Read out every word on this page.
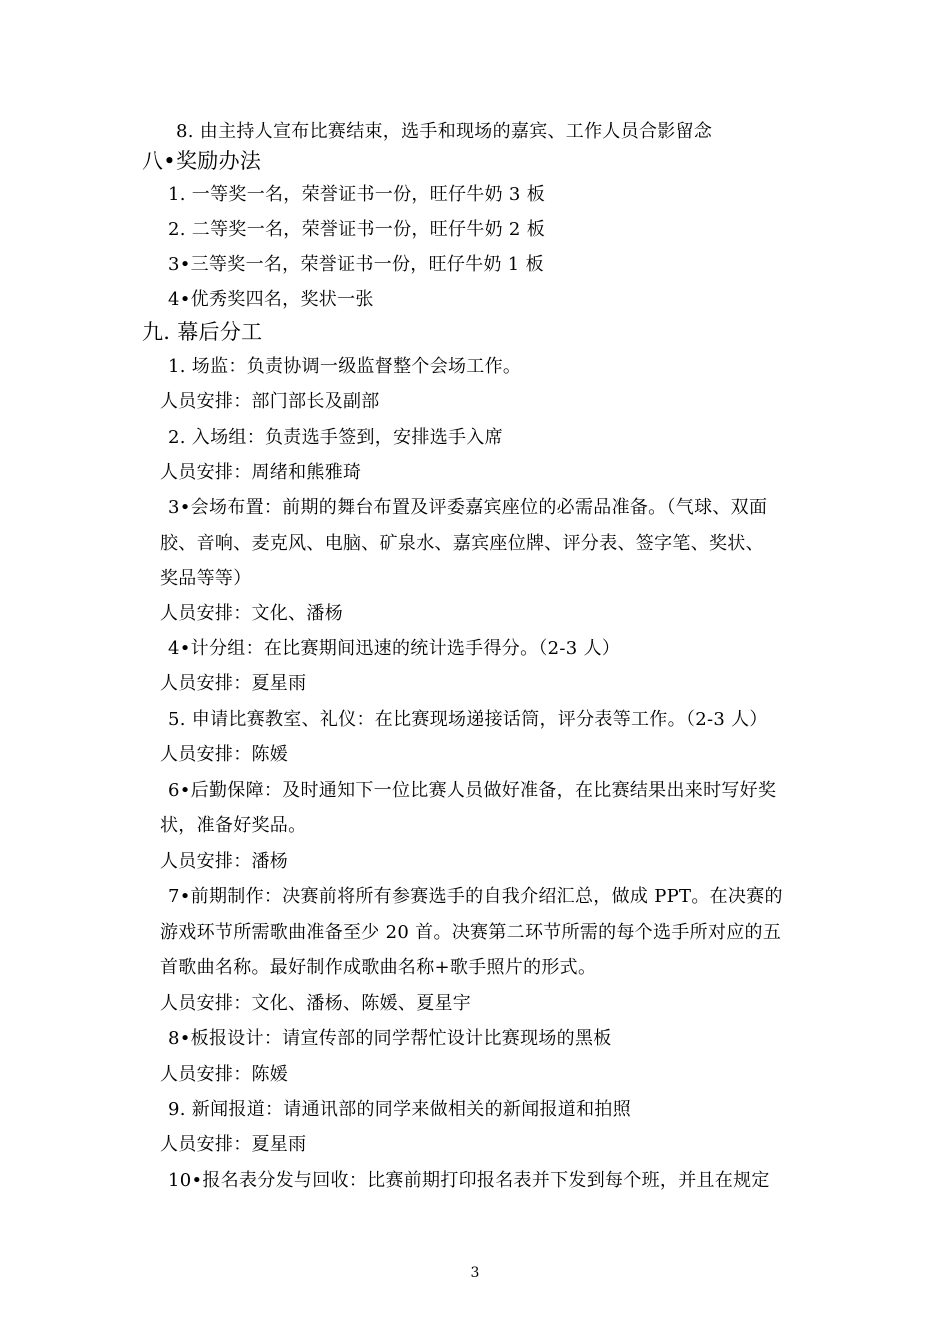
8. 由主持人宣布比赛结束，选手和现场的嘉宾、工作人员合影留念
八•奖励办法
1. 一等奖一名，荣誉证书一份，旺仔牛奶 3 板
2. 二等奖一名，荣誉证书一份，旺仔牛奶 2 板
3•三等奖一名，荣誉证书一份，旺仔牛奶 1 板
4•优秀奖四名，奖状一张
九. 幕后分工
1. 场监：负责协调一级监督整个会场工作。
人员安排：部门部长及副部
2. 入场组：负责选手签到，安排选手入席
人员安排：周绪和熊雅琦
3•会场布置：前期的舞台布置及评委嘉宾座位的必需品准备。（气球、双面
胶、音响、麦克风、电脑、矿泉水、嘉宾座位牌、评分表、签字笔、奖状、
奖品等等）
人员安排：文化、潘杨
4•计分组：在比赛期间迅速的统计选手得分。（2-3 人）
人员安排：夏星雨
5. 申请比赛教室、礼仪：在比赛现场递接话筒，评分表等工作。（2-3 人）
人员安排：陈媛
6•后勤保障：及时通知下一位比赛人员做好准备，在比赛结果出来时写好奖
状，准备好奖品。
人员安排：潘杨
7•前期制作：决赛前将所有参赛选手的自我介绍汇总，做成 PPT。在决赛的
游戏环节所需歌曲准备至少 20 首。决赛第二环节所需的每个选手所对应的五
首歌曲名称。最好制作成歌曲名称+歌手照片的形式。
人员安排：文化、潘杨、陈媛、夏星宇
8•板报设计：请宣传部的同学帮忙设计比赛现场的黑板
人员安排：陈媛
9. 新闻报道：请通讯部的同学来做相关的新闻报道和拍照
人员安排：夏星雨
10•报名表分发与回收：比赛前期打印报名表并下发到每个班，并且在规定
3
